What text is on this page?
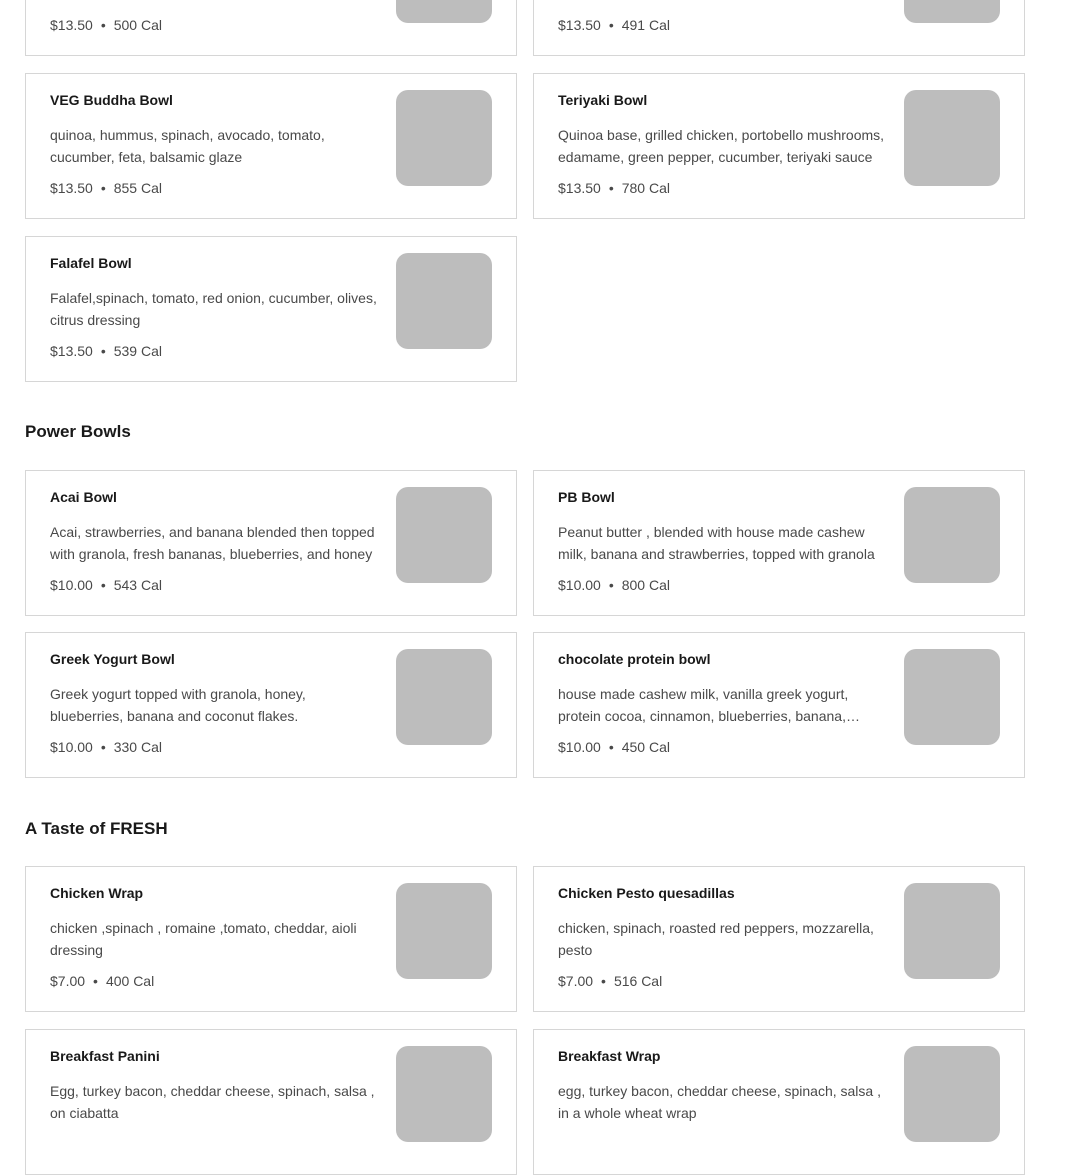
$13.50 • 500 Cal	$13.50 • 491 Cal
VEG Buddha Bowl
quinoa, hummus, spinach, avocado, tomato, cucumber, feta, balsamic glaze
$13.50 • 855 Cal
Teriyaki Bowl
Quinoa base, grilled chicken, portobello mushrooms, edamame, green pepper, cucumber, teriyaki sauce
$13.50 • 780 Cal
Falafel Bowl
Falafel,spinach, tomato, red onion, cucumber, olives, citrus dressing
$13.50 • 539 Cal
Power Bowls
Acai Bowl
Acai, strawberries, and banana blended then topped with granola, fresh bananas, blueberries, and honey
$10.00 • 543 Cal
PB Bowl
Peanut butter , blended with house made cashew milk, banana and strawberries, topped with granola
$10.00 • 800 Cal
Greek Yogurt Bowl
Greek yogurt topped with granola, honey, blueberries, banana and coconut flakes.
$10.00 • 330 Cal
chocolate protein bowl
house made cashew milk, vanilla greek yogurt, protein cocoa, cinnamon, blueberries, banana,
$10.00 • 450 Cal
A Taste of FRESH
Chicken Wrap
chicken ,spinach , romaine ,tomato, cheddar, aioli dressing
$7.00 • 400 Cal
Chicken Pesto quesadillas
chicken, spinach, roasted red peppers, mozzarella, pesto
$7.00 • 516 Cal
Breakfast Panini
Egg, turkey bacon, cheddar cheese, spinach, salsa , on ciabatta
Breakfast Wrap
egg, turkey bacon, cheddar cheese, spinach, salsa , in a whole wheat wrap
